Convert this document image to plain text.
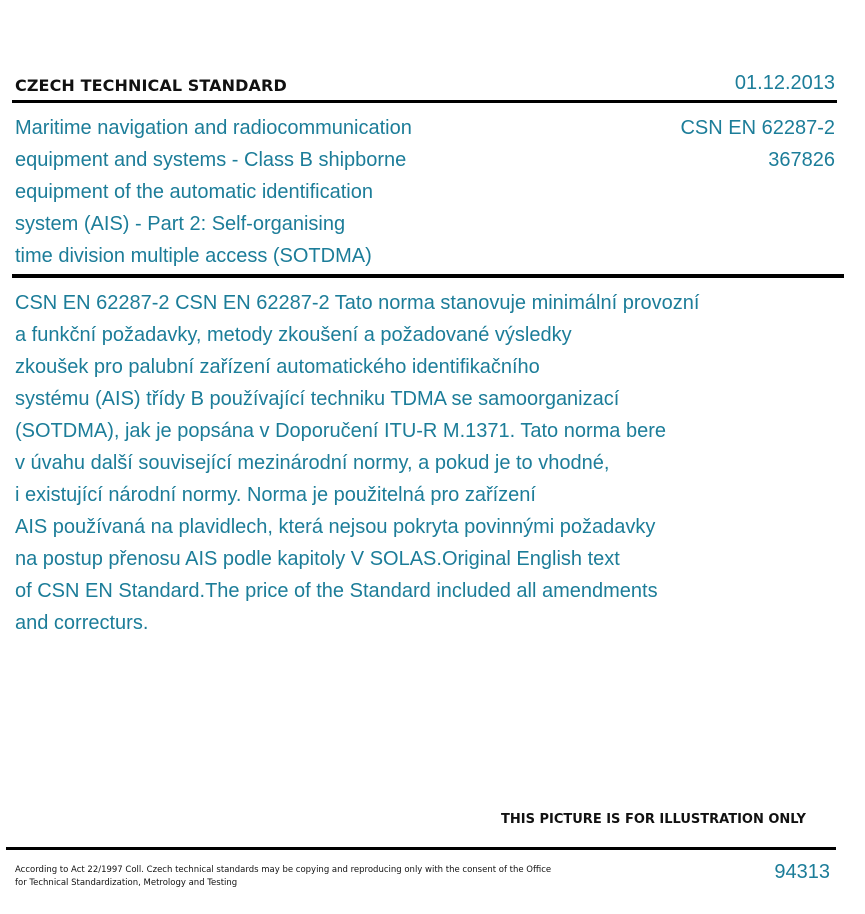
CZECH TECHNICAL STANDARD	01.12.2013
Maritime navigation and radiocommunication
equipment and systems - Class B shipborne
equipment of the automatic identification
system (AIS) - Part 2: Self-organising
time division multiple access (SOTDMA)
CSN EN 62287-2
367826
CSN EN 62287-2 CSN EN 62287-2 Tato norma stanovuje minimální provozní
a funkční požadavky, metody zkoušení a požadované výsledky
zkoušek pro palubní zařízení automatického identifikačního
systému (AIS) třídy B používající techniku TDMA se samoorganizací
(SOTDMA), jak je popsána v Doporučení ITU-R M.1371. Tato norma bere
v úvahu další související mezinárodní normy, a pokud je to vhodné,
i existující národní normy. Norma je použitelná pro zařízení
AIS používaná na plavidlech, která nejsou pokryta povinnými požadavky
na postup přenosu AIS podle kapitoly V SOLAS.Original English text
of CSN EN Standard.The price of the Standard included all amendments
and correcturs.
THIS PICTURE IS FOR ILLUSTRATION ONLY
According to Act 22/1997 Coll. Czech technical standards may be copying and reproducing only with the consent of the Office
for Technical Standardization, Metrology and Testing	94313
